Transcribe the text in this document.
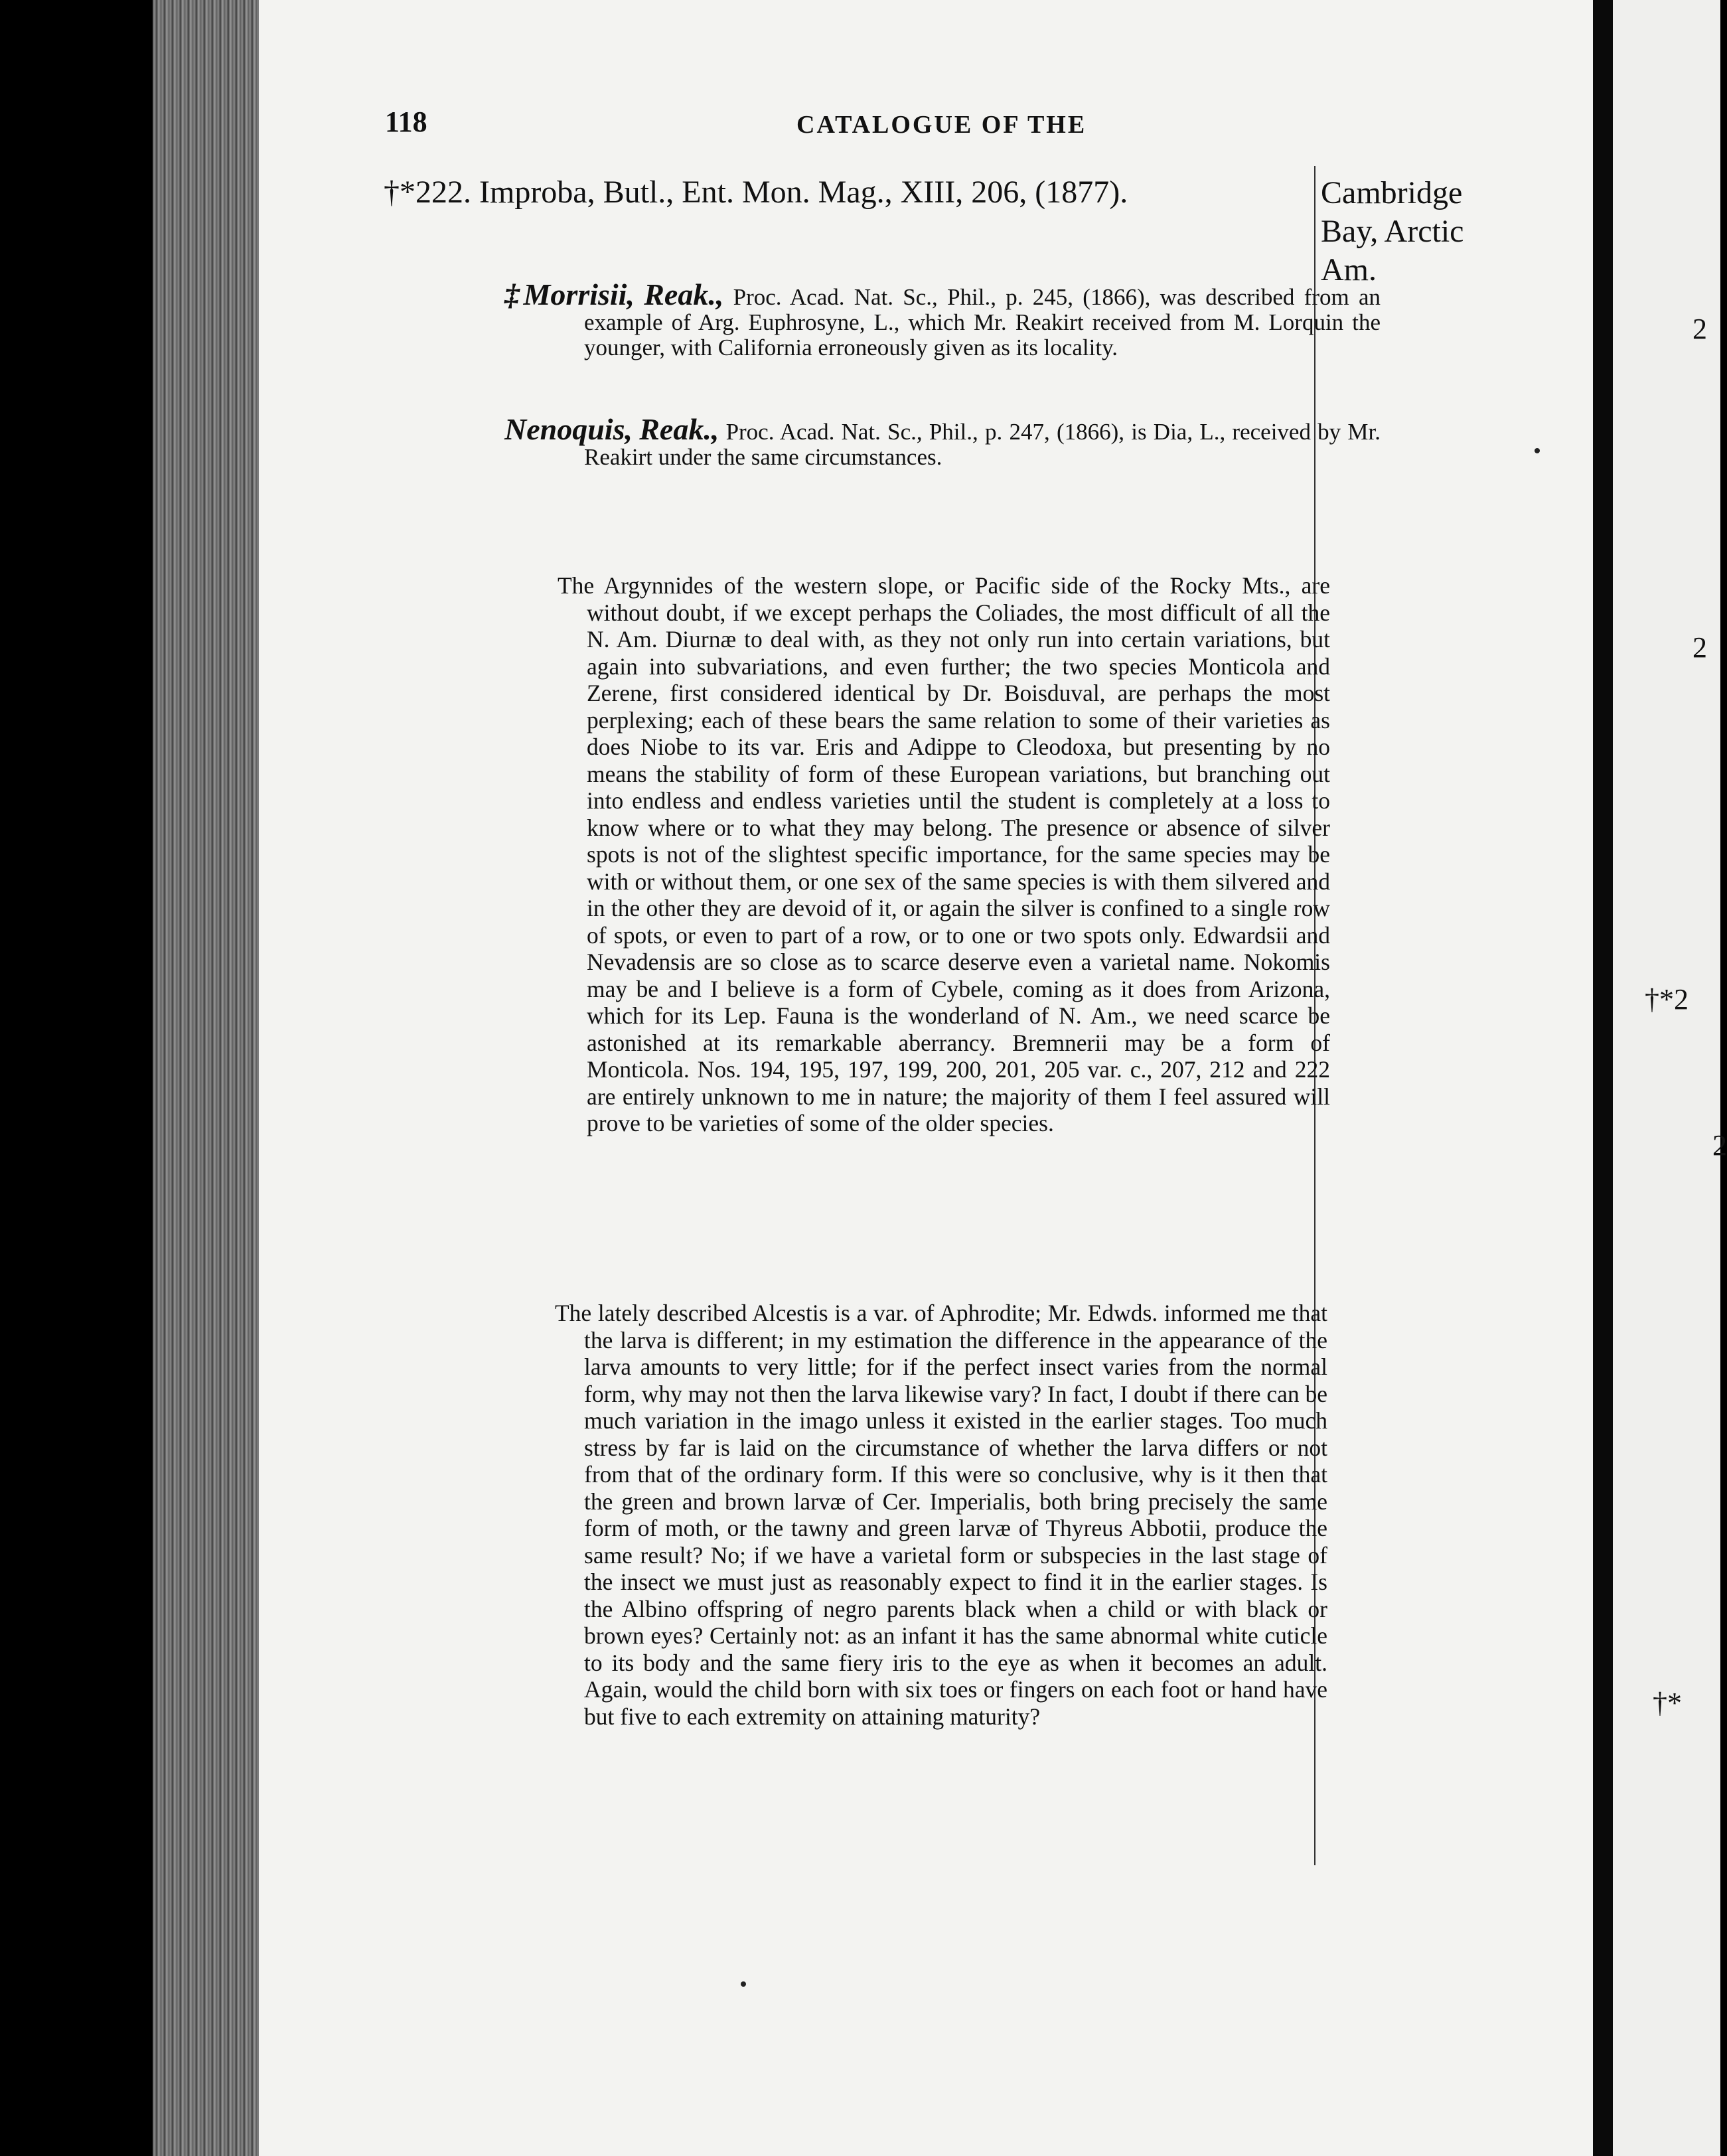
2
2
†*2
2
†*
118	CATALOGUE OF THE
†*222. Improba, Butl., Ent. Mon. Mag., XIII, 206, (1877).	Cambridge Bay, Arctic Am.
‡Morrisii, Reak., Proc. Acad. Nat. Sc., Phil., p. 245, (1866), was described from an example of Arg. Euphrosyne, L., which Mr. Reakirt received from M. Lorquin the younger, with California erroneously given as its locality.
Nenoquis, Reak., Proc. Acad. Nat. Sc., Phil., p. 247, (1866), is Dia, L., received by Mr. Reakirt under the same circumstances.
The Argynnides of the western slope, or Pacific side of the Rocky Mts., are without doubt, if we except perhaps the Coliades, the most difficult of all the N. Am. Diurnæ to deal with, as they not only run into certain variations, but again into subvariations, and even further; the two species Monticola and Zerene, first considered identical by Dr. Boisduval, are perhaps the most perplexing; each of these bears the same relation to some of their varieties as does Niobe to its var. Eris and Adippe to Cleodoxa, but presenting by no means the stability of form of these European variations, but branching out into endless and endless varieties until the student is completely at a loss to know where or to what they may belong. The presence or absence of silver spots is not of the slightest specific importance, for the same species may be with or without them, or one sex of the same species is with them silvered and in the other they are devoid of it, or again the silver is confined to a single row of spots, or even to part of a row, or to one or two spots only. Edwardsii and Nevadensis are so close as to scarce deserve even a varietal name. Nokomis may be and I believe is a form of Cybele, coming as it does from Arizona, which for its Lep. Fauna is the wonderland of N. Am., we need scarce be astonished at its remarkable aberrancy. Bremnerii may be a form of Monticola. Nos. 194, 195, 197, 199, 200, 201, 205 var. c., 207, 212 and 222 are entirely unknown to me in nature; the majority of them I feel assured will prove to be varieties of some of the older species.
The lately described Alcestis is a var. of Aphrodite; Mr. Edwds. informed me that the larva is different; in my estimation the difference in the appearance of the larva amounts to very little; for if the perfect insect varies from the normal form, why may not then the larva likewise vary? In fact, I doubt if there can be much variation in the imago unless it existed in the earlier stages. Too much stress by far is laid on the circumstance of whether the larva differs or not from that of the ordinary form. If this were so conclusive, why is it then that the green and brown larvæ of Cer. Imperialis, both bring precisely the same form of moth, or the tawny and green larvæ of Thyreus Abbotii, produce the same result? No; if we have a varietal form or subspecies in the last stage of the insect we must just as reasonably expect to find it in the earlier stages. Is the Albino offspring of negro parents black when a child or with black or brown eyes? Certainly not: as an infant it has the same abnormal white cuticle to its body and the same fiery iris to the eye as when it becomes an adult. Again, would the child born with six toes or fingers on each foot or hand have but five to each extremity on attaining maturity?
